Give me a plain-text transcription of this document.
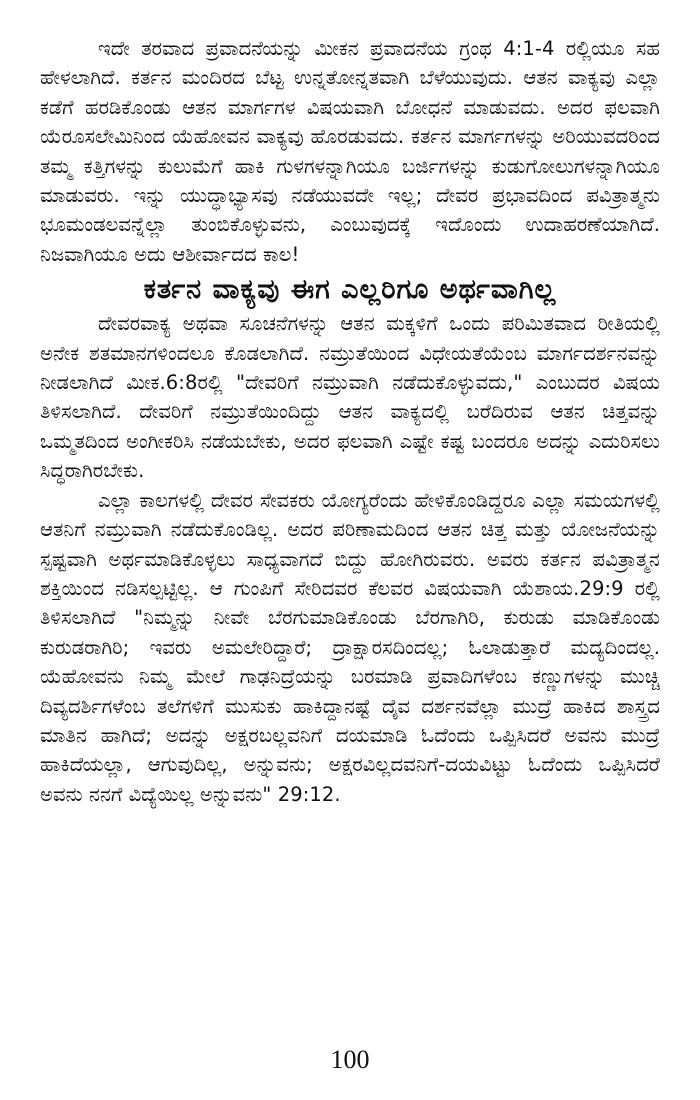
ಇದೇ ತರವಾದ ಪ್ರವಾದನೆಯನ್ನು ಮೀಕನ ಪ್ರವಾದನೆಯ ಗ್ರಂಥ 4:1-4 ರಲ್ಲಿಯೂ ಸಹ ಹೇಳಲಾಗಿದೆ. ಕರ್ತನ ಮಂದಿರದ ಬೆಟ್ಟ ಉನ್ನತೋನ್ನತವಾಗಿ ಬೆಳೆಯುವುದು. ಆತನ ವಾಕ್ಯವು ಎಲ್ಲಾ ಕಡೆಗೆ ಹರಡಿಕೊಂಡು ಆತನ ಮಾರ್ಗಗಳ ವಿಷಯವಾಗಿ ಬೋಧನೆ ಮಾಡುವದು. ಅದರ ಫಲವಾಗಿ ಯೆರೂಸಲೇಮಿನಿಂದ ಯೆಹೋವನ ವಾಕ್ಯವು ಹೊರಡುವದು. ಕರ್ತನ ಮಾರ್ಗಗಳನ್ನು ಅರಿಯುವದರಿಂದ ತಮ್ಮ ಕತ್ತಿಗಳನ್ನು ಕುಲುಮೆಗೆ ಹಾಕಿ ಗುಳಗಳನ್ನಾಗಿಯೂ ಬರ್ಜಿಗಳನ್ನು ಕುಡುಗೋಲುಗಳನ್ನಾಗಿಯೂ ಮಾಡುವರು. ಇನ್ನು ಯುದ್ಧಾಭ್ಯಾಸವು ನಡೆಯುವದೇ ಇಲ್ಲ; ದೇವರ ಪ್ರಭಾವದಿಂದ ಪವಿತ್ರಾತ್ಮನು ಭೂಮಂಡಲವನ್ನೆಲ್ಲಾ ತುಂಬಿಕೊಳ್ಳುವನು, ಎಂಬುವುದಕ್ಕೆ ಇದೊಂದು ಉದಾಹರಣೆಯಾಗಿದೆ. ನಿಜವಾಗಿಯೂ ಅದು ಆಶೀರ್ವಾದದ ಕಾಲ!

ಕರ್ತನ ವಾಕ್ಯವು ಈಗ ಎಲ್ಲರಿಗೂ ಅರ್ಥವಾಗಿಲ್ಲ

ದೇವರವಾಕ್ಯ ಅಥವಾ ಸೂಚನೆಗಳನ್ನು ಆತನ ಮಕ್ಕಳಿಗೆ ಒಂದು ಪರಿಮಿತವಾದ ರೀತಿಯಲ್ಲಿ ಅನೇಕ ಶತಮಾನಗಳಿಂದಲೂ ಕೊಡಲಾಗಿದೆ. ನಮ್ರುತೆಯಿಂದ ವಿಧೇಯತೆಯೆಂಬ ಮಾರ್ಗದರ್ಶನವನ್ನು ನೀಡಲಾಗಿದೆ ಮೀಕ.6:8ರಲ್ಲಿ "ದೇವರಿಗೆ ನಮ್ರುವಾಗಿ ನಡೆದುಕೊಳ್ಳುವದು," ಎಂಬುದರ ವಿಷಯ ತಿಳಿಸಲಾಗಿದೆ. ದೇವರಿಗೆ ನಮ್ರುತೆಯಿಂದಿದ್ದು ಆತನ ವಾಕ್ಯದಲ್ಲಿ ಬರೆದಿರುವ ಆತನ ಚಿತ್ತವನ್ನು ಒಮ್ಮತದಿಂದ ಅಂಗೀಕರಿಸಿ ನಡೆಯಬೇಕು, ಅದರ ಫಲವಾಗಿ ಎಷ್ಟೇ ಕಷ್ಟ ಬಂದರೂ ಅದನ್ನು ಎದುರಿಸಲು ಸಿದ್ಧರಾಗಿರಬೇಕು.

ಎಲ್ಲಾ ಕಾಲಗಳಲ್ಲಿ ದೇವರ ಸೇವಕರು ಯೋಗ್ಯರೆಂದು ಹೇಳಿಕೊಂಡಿದ್ದರೂ ಎಲ್ಲಾ ಸಮಯಗಳಲ್ಲಿ ಆತನಿಗೆ ನಮ್ರುವಾಗಿ ನಡೆದುಕೊಂಡಿಲ್ಲ. ಅದರ ಪರಿಣಾಮದಿಂದ ಆತನ ಚಿತ್ತ ಮತ್ತು ಯೋಜನೆಯನ್ನು ಸ್ಪಷ್ಟವಾಗಿ ಅರ್ಥಮಾಡಿಕೊಳ್ಳಲು ಸಾಧ್ಯವಾಗದೆ ಬಿದ್ದು ಹೋಗಿರುವರು. ಅವರು ಕರ್ತನ ಪವಿತ್ರಾತ್ಮನ ಶಕ್ತಿಯಿಂದ ನಡಿಸಲ್ಪಟ್ಟಿಲ್ಲ. ಆ ಗುಂಪಿಗೆ ಸೇರಿದವರ ಕೆಲವರ ವಿಷಯವಾಗಿ ಯೆಶಾಯ.29:9 ರಲ್ಲಿ ತಿಳಿಸಲಾಗಿದೆ "ನಿಮ್ಮನ್ನು ನೀವೇ ಬೆರಗುಮಾಡಿಕೊಂಡು ಬೆರಗಾಗಿರಿ, ಕುರುಡು ಮಾಡಿಕೊಂಡು ಕುರುಡರಾಗಿರಿ; ಇವರು ಅಮಲೇರಿದ್ದಾರೆ; ದ್ರಾಕ್ಷಾರಸದಿಂದಲ್ಲ; ಓಲಾಡುತ್ತಾರೆ ಮದ್ಯದಿಂದಲ್ಲ. ಯೆಹೋವನು ನಿಮ್ಮ ಮೇಲೆ ಗಾಢನಿದ್ರೆಯನ್ನು ಬರಮಾಡಿ ಪ್ರವಾದಿಗಳೆಂಬ ಕಣ್ಣುಗಳನ್ನು ಮುಚ್ಚಿ ದಿವ್ಯದರ್ಶಿಗಳೆಂಬ ತಲೆಗಳಿಗೆ ಮುಸುಕು ಹಾಕಿದ್ದಾನಷ್ಟೆ ದೈವ ದರ್ಶನವೆಲ್ಲಾ ಮುದ್ರೆ ಹಾಕಿದ ಶಾಸ್ತ್ರದ ಮಾತಿನ ಹಾಗಿದೆ; ಅದನ್ನು ಅಕ್ಷರಬಲ್ಲವನಿಗೆ ದಯಮಾಡಿ ಓದೆಂದು ಒಪ್ಪಿಸಿದರೆ ಅವನು ಮುದ್ರೆ ಹಾಕಿದೆಯಲ್ಲಾ, ಆಗುವುದಿಲ್ಲ, ಅನ್ನುವನು; ಅಕ್ಷರವಿಲ್ಲದವನಿಗೆ-ದಯವಿಟ್ಟು ಓದೆಂದು ಒಪ್ಪಿಸಿದರೆ ಅವನು ನನಗೆ ವಿದ್ಯೆಯಿಲ್ಲ ಅನ್ನುವನು" 29:12.

100
